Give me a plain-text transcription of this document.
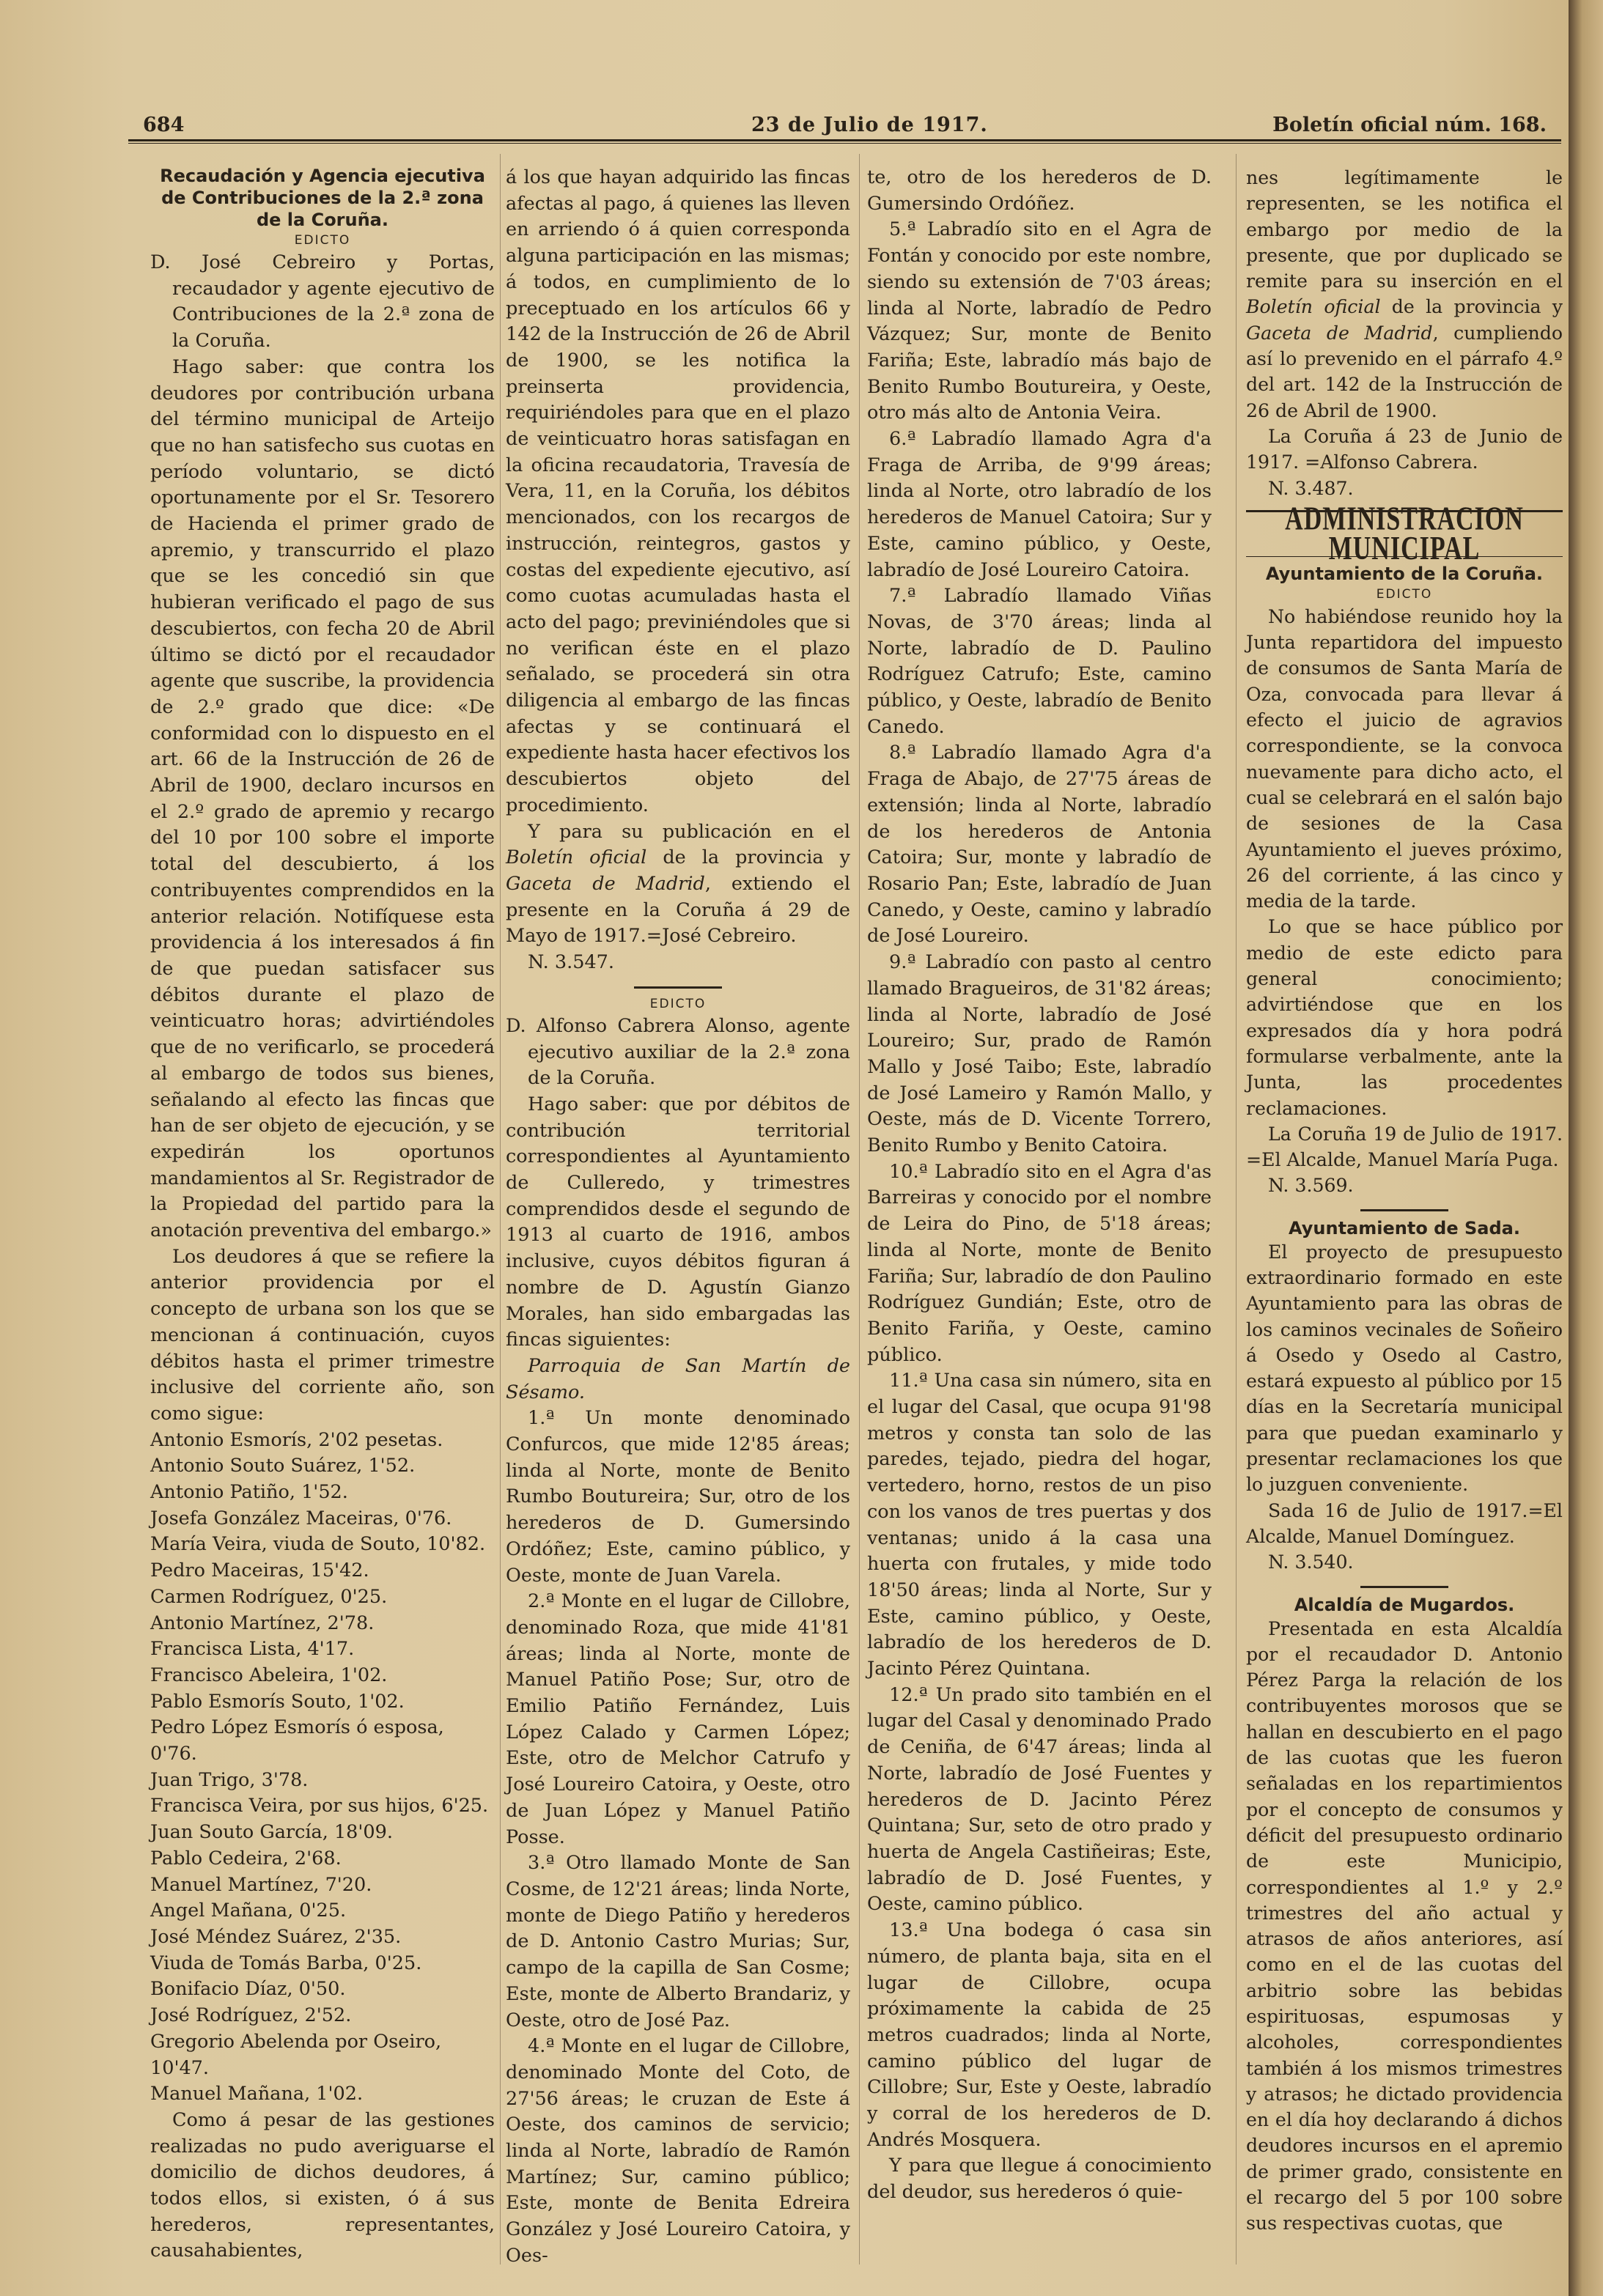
684	23 de Julio de 1917.	Boletín oficial núm. 168.

Recaudación y Agencia ejecutiva de Contribuciones de la 2.ª zona de la Coruña.

EDICTO

D. José Cebreiro y Portas, recaudador y agente ejecutivo de Contribuciones de la 2.ª zona de la Coruña.

Hago saber: que contra los deudores por contribución urbana del término municipal de Arteijo que no han satisfecho sus cuotas en período voluntario, se dictó oportunamente por el Sr. Tesorero de Hacienda el primer grado de apremio, y transcurrido el plazo que se les concedió sin que hubieran verificado el pago de sus descubiertos, con fecha 20 de Abril último se dictó por el recaudador agente que suscribe, la providencia de 2.º grado que dice: «De conformidad con lo dispuesto en el art. 66 de la Instrucción de 26 de Abril de 1900, declaro incursos en el 2.º grado de apremio y recargo del 10 por 100 sobre el importe total del descubierto, á los contribuyentes comprendidos en la anterior relación. Notifíquese esta providencia á los interesados á fin de que puedan satisfacer sus débitos durante el plazo de veinticuatro horas; advirtiéndoles que de no verificarlo, se procederá al embargo de todos sus bienes, señalando al efecto las fincas que han de ser objeto de ejecución, y se expedirán los oportunos mandamientos al Sr. Registrador de la Propiedad del partido para la anotación preventiva del embargo.»

Los deudores á que se refiere la anterior providencia por el concepto de urbana son los que se mencionan á continuación, cuyos débitos hasta el primer trimestre inclusive del corriente año, son como sigue:

Antonio Esmorís, 2'02 pesetas.

Antonio Souto Suárez, 1'52.

Antonio Patiño, 1'52.

Josefa González Maceiras, 0'76.

María Veira, viuda de Souto, 10'82.

Pedro Maceiras, 15'42.

Carmen Rodríguez, 0'25.

Antonio Martínez, 2'78.

Francisca Lista, 4'17.

Francisco Abeleira, 1'02.

Pablo Esmorís Souto, 1'02.

Pedro López Esmorís ó esposa, 0'76.

Juan Trigo, 3'78.

Francisca Veira, por sus hijos, 6'25.

Juan Souto García, 18'09.

Pablo Cedeira, 2'68.

Manuel Martínez, 7'20.

Angel Mañana, 0'25.

José Méndez Suárez, 2'35.

Viuda de Tomás Barba, 0'25.

Bonifacio Díaz, 0'50.

José Rodríguez, 2'52.

Gregorio Abelenda por Oseiro, 10'47.

Manuel Mañana, 1'02.

Como á pesar de las gestiones realizadas no pudo averiguarse el domicilio de dichos deudores, á todos ellos, si existen, ó á sus herederos, representantes, causahabientes,

á los que hayan adquirido las fincas afectas al pago, á quienes las lleven en arriendo ó á quien corresponda alguna participación en las mismas; á todos, en cumplimiento de lo preceptuado en los artículos 66 y 142 de la Instrucción de 26 de Abril de 1900, se les notifica la preinserta providencia, requiriéndoles para que en el plazo de veinticuatro horas satisfagan en la oficina recaudatoria, Travesía de Vera, 11, en la Coruña, los débitos mencionados, con los recargos de instrucción, reintegros, gastos y costas del expediente ejecutivo, así como cuotas acumuladas hasta el acto del pago; previniéndoles que si no verifican éste en el plazo señalado, se procederá sin otra diligencia al embargo de las fincas afectas y se continuará el expediente hasta hacer efectivos los descubiertos objeto del procedimiento.

Y para su publicación en el Boletín oficial de la provincia y Gaceta de Madrid, extiendo el presente en la Coruña á 29 de Mayo de 1917.=José Cebreiro.

N. 3.547.

EDICTO

D. Alfonso Cabrera Alonso, agente ejecutivo auxiliar de la 2.ª zona de la Coruña.

Hago saber: que por débitos de contribución territorial correspondientes al Ayuntamiento de Culleredo, y trimestres comprendidos desde el segundo de 1913 al cuarto de 1916, ambos inclusive, cuyos débitos figuran á nombre de D. Agustín Gianzo Morales, han sido embargadas las fincas siguientes:

Parroquia de San Martín de Sésamo.

1.ª Un monte denominado Confurcos, que mide 12'85 áreas; linda al Norte, monte de Benito Rumbo Boutureira; Sur, otro de los herederos de D. Gumersindo Ordóñez; Este, camino público, y Oeste, monte de Juan Varela.

2.ª Monte en el lugar de Cillobre, denominado Roza, que mide 41'81 áreas; linda al Norte, monte de Manuel Patiño Pose; Sur, otro de Emilio Patiño Fernández, Luis López Calado y Carmen López; Este, otro de Melchor Catrufo y José Loureiro Catoira, y Oeste, otro de Juan López y Manuel Patiño Posse.

3.ª Otro llamado Monte de San Cosme, de 12'21 áreas; linda Norte, monte de Diego Patiño y herederos de D. Antonio Castro Murias; Sur, campo de la capilla de San Cosme; Este, monte de Alberto Brandariz, y Oeste, otro de José Paz.

4.ª Monte en el lugar de Cillobre, denominado Monte del Coto, de 27'56 áreas; le cruzan de Este á Oeste, dos caminos de servicio; linda al Norte, labradío de Ramón Martínez; Sur, camino público; Este, monte de Benita Edreira González y José Loureiro Catoira, y Oes-

te, otro de los herederos de D. Gumersindo Ordóñez.

5.ª Labradío sito en el Agra de Fontán y conocido por este nombre, siendo su extensión de 7'03 áreas; linda al Norte, labradío de Pedro Vázquez; Sur, monte de Benito Fariña; Este, labradío más bajo de Benito Rumbo Boutureira, y Oeste, otro más alto de Antonia Veira.

6.ª Labradío llamado Agra d'a Fraga de Arriba, de 9'99 áreas; linda al Norte, otro labradío de los herederos de Manuel Catoira; Sur y Este, camino público, y Oeste, labradío de José Loureiro Catoira.

7.ª Labradío llamado Viñas Novas, de 3'70 áreas; linda al Norte, labradío de D. Paulino Rodríguez Catrufo; Este, camino público, y Oeste, labradío de Benito Canedo.

8.ª Labradío llamado Agra d'a Fraga de Abajo, de 27'75 áreas de extensión; linda al Norte, labradío de los herederos de Antonia Catoira; Sur, monte y labradío de Rosario Pan; Este, labradío de Juan Canedo, y Oeste, camino y labradío de José Loureiro.

9.ª Labradío con pasto al centro llamado Bragueiros, de 31'82 áreas; linda al Norte, labradío de José Loureiro; Sur, prado de Ramón Mallo y José Taibo; Este, labradío de José Lameiro y Ramón Mallo, y Oeste, más de D. Vicente Torrero, Benito Rumbo y Benito Catoira.

10.ª Labradío sito en el Agra d'as Barreiras y conocido por el nombre de Leira do Pino, de 5'18 áreas; linda al Norte, monte de Benito Fariña; Sur, labradío de don Paulino Rodríguez Gundián; Este, otro de Benito Fariña, y Oeste, camino público.

11.ª Una casa sin número, sita en el lugar del Casal, que ocupa 91'98 metros y consta tan solo de las paredes, tejado, piedra del hogar, vertedero, horno, restos de un piso con los vanos de tres puertas y dos ventanas; unido á la casa una huerta con frutales, y mide todo 18'50 áreas; linda al Norte, Sur y Este, camino público, y Oeste, labradío de los herederos de D. Jacinto Pérez Quintana.

12.ª Un prado sito también en el lugar del Casal y denominado Prado de Ceniña, de 6'47 áreas; linda al Norte, labradío de José Fuentes y herederos de D. Jacinto Pérez Quintana; Sur, seto de otro prado y huerta de Angela Castiñeiras; Este, labradío de D. José Fuentes, y Oeste, camino público.

13.ª Una bodega ó casa sin número, de planta baja, sita en el lugar de Cillobre, ocupa próximamente la cabida de 25 metros cuadrados; linda al Norte, camino público del lugar de Cillobre; Sur, Este y Oeste, labradío y corral de los herederos de D. Andrés Mosquera.

Y para que llegue á conocimiento del deudor, sus herederos ó quie-

nes legítimamente le representen, se les notifica el embargo por medio de la presente, que por duplicado se remite para su inserción en el Boletín oficial de la provincia y Gaceta de Madrid, cumpliendo así lo prevenido en el párrafo 4.º del art. 142 de la Instrucción de 26 de Abril de 1900.

La Coruña á 23 de Junio de 1917. =Alfonso Cabrera.

N. 3.487.

ADMINISTRACION MUNICIPAL

Ayuntamiento de la Coruña.

EDICTO

No habiéndose reunido hoy la Junta repartidora del impuesto de consumos de Santa María de Oza, convocada para llevar á efecto el juicio de agravios correspondiente, se la convoca nuevamente para dicho acto, el cual se celebrará en el salón bajo de sesiones de la Casa Ayuntamiento el jueves próximo, 26 del corriente, á las cinco y media de la tarde.

Lo que se hace público por medio de este edicto para general conocimiento; advirtiéndose que en los expresados día y hora podrá formularse verbalmente, ante la Junta, las procedentes reclamaciones.

La Coruña 19 de Julio de 1917. =El Alcalde, Manuel María Puga.

N. 3.569.

Ayuntamiento de Sada.

El proyecto de presupuesto extraordinario formado en este Ayuntamiento para las obras de los caminos vecinales de Soñeiro á Osedo y Osedo al Castro, estará expuesto al público por 15 días en la Secretaría municipal para que puedan examinarlo y presentar reclamaciones los que lo juzguen conveniente.

Sada 16 de Julio de 1917.=El Alcalde, Manuel Domínguez.

N. 3.540.

Alcaldía de Mugardos.

Presentada en esta Alcaldía por el recaudador D. Antonio Pérez Parga la relación de los contribuyentes morosos que se hallan en descubierto en el pago de las cuotas que les fueron señaladas en los repartimientos por el concepto de consumos y déficit del presupuesto ordinario de este Municipio, correspondientes al 1.º y 2.º trimestres del año actual y atrasos de años anteriores, así como en el de las cuotas del arbitrio sobre las bebidas espirituosas, espumosas y alcoholes, correspondientes también á los mismos trimestres y atrasos; he dictado providencia en el día hoy declarando á dichos deudores incursos en el apremio de primer grado, consistente en el recargo del 5 por 100 sobre sus respectivas cuotas, que
